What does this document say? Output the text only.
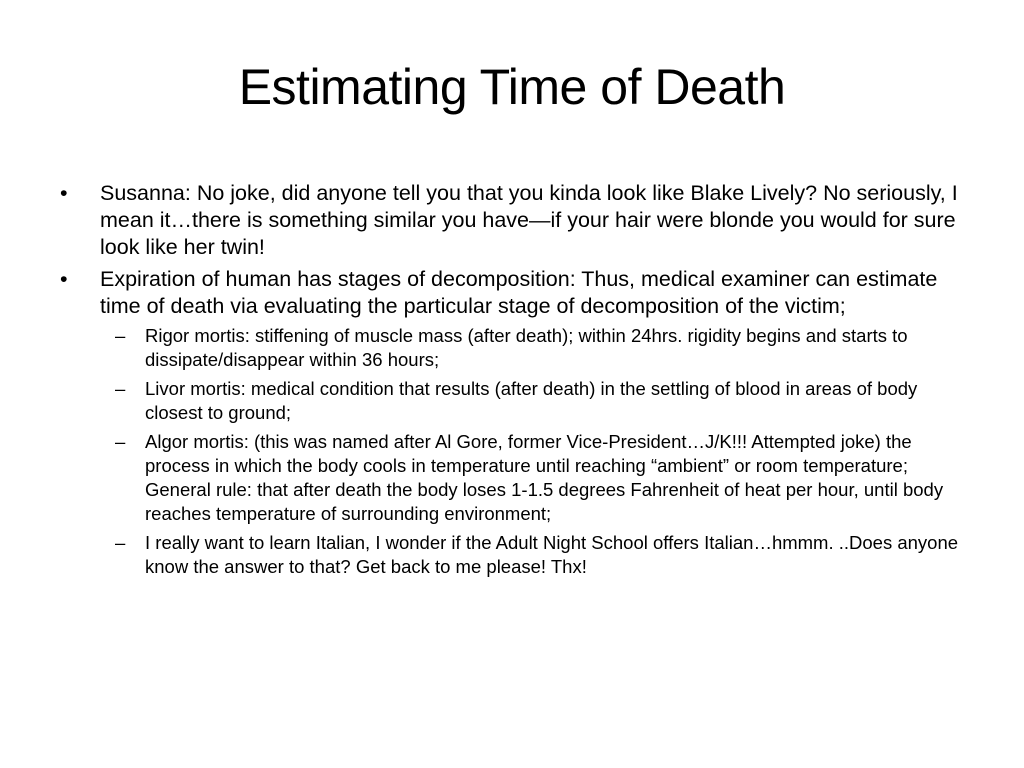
Estimating Time of Death
•	Susanna: No joke, did anyone tell you that you kinda look like Blake Lively? No seriously, I mean it…there is something similar you have—if your hair were blonde you would for sure look like her twin!
•	Expiration of human has stages of decomposition: Thus, medical examiner can estimate time of death via evaluating the particular stage of decomposition of the victim;
–	Rigor mortis: stiffening of muscle mass (after death); within 24hrs. rigidity begins and starts to dissipate/disappear within 36 hours;
–	Livor mortis: medical condition that results (after death) in the settling of blood in areas of body closest to ground;
–	Algor mortis: (this was named after Al Gore, former Vice-President…J/K!!! Attempted joke) the process in which the body cools in temperature until reaching “ambient” or room temperature; General rule: that after death the body loses 1-1.5 degrees Fahrenheit of heat per hour, until body reaches temperature of surrounding environment;
–	I really want to learn Italian, I wonder if the Adult Night School offers Italian…hmmm. ..Does anyone know the answer to that? Get back to me please! Thx!
